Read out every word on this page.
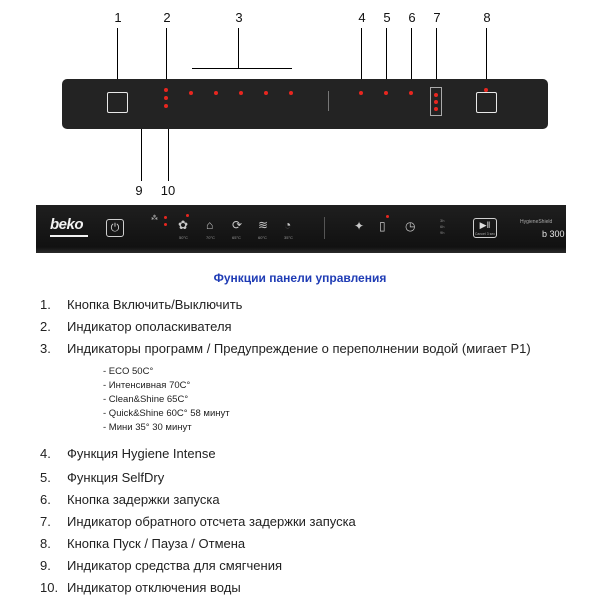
1	2	3	4	5	6	7	8
9	10
beko	⏻
⁂ ✿ ⌂ ⟳ ≋ ◔
50°C	70°C	65°C	60°C	35°C
✦ ▯ ◷	3h
6h
9h
▶‖
Cancel 3 sec
HygieneShield
b 300
Функции панели управления
1. Кнопка Включить/Выключить
2. Индикатор ополаскивателя
3. Индикаторы программ / Предупреждение о переполнении водой (мигает P1)
- ECO 50C°
- Интенсивная 70C°
- Clean&Shine 65C°
- Quick&Shine 60C° 58 минут
- Мини 35° 30 минут
4. Функция Hygiene Intense
5. Функция SelfDry
6. Кнопка задержки запуска
7. Индикатор обратного отсчета задержки запуска
8. Кнопка Пуск / Пауза / Отмена
9. Индикатор средства для смягчения
10. Индикатор отключения воды
